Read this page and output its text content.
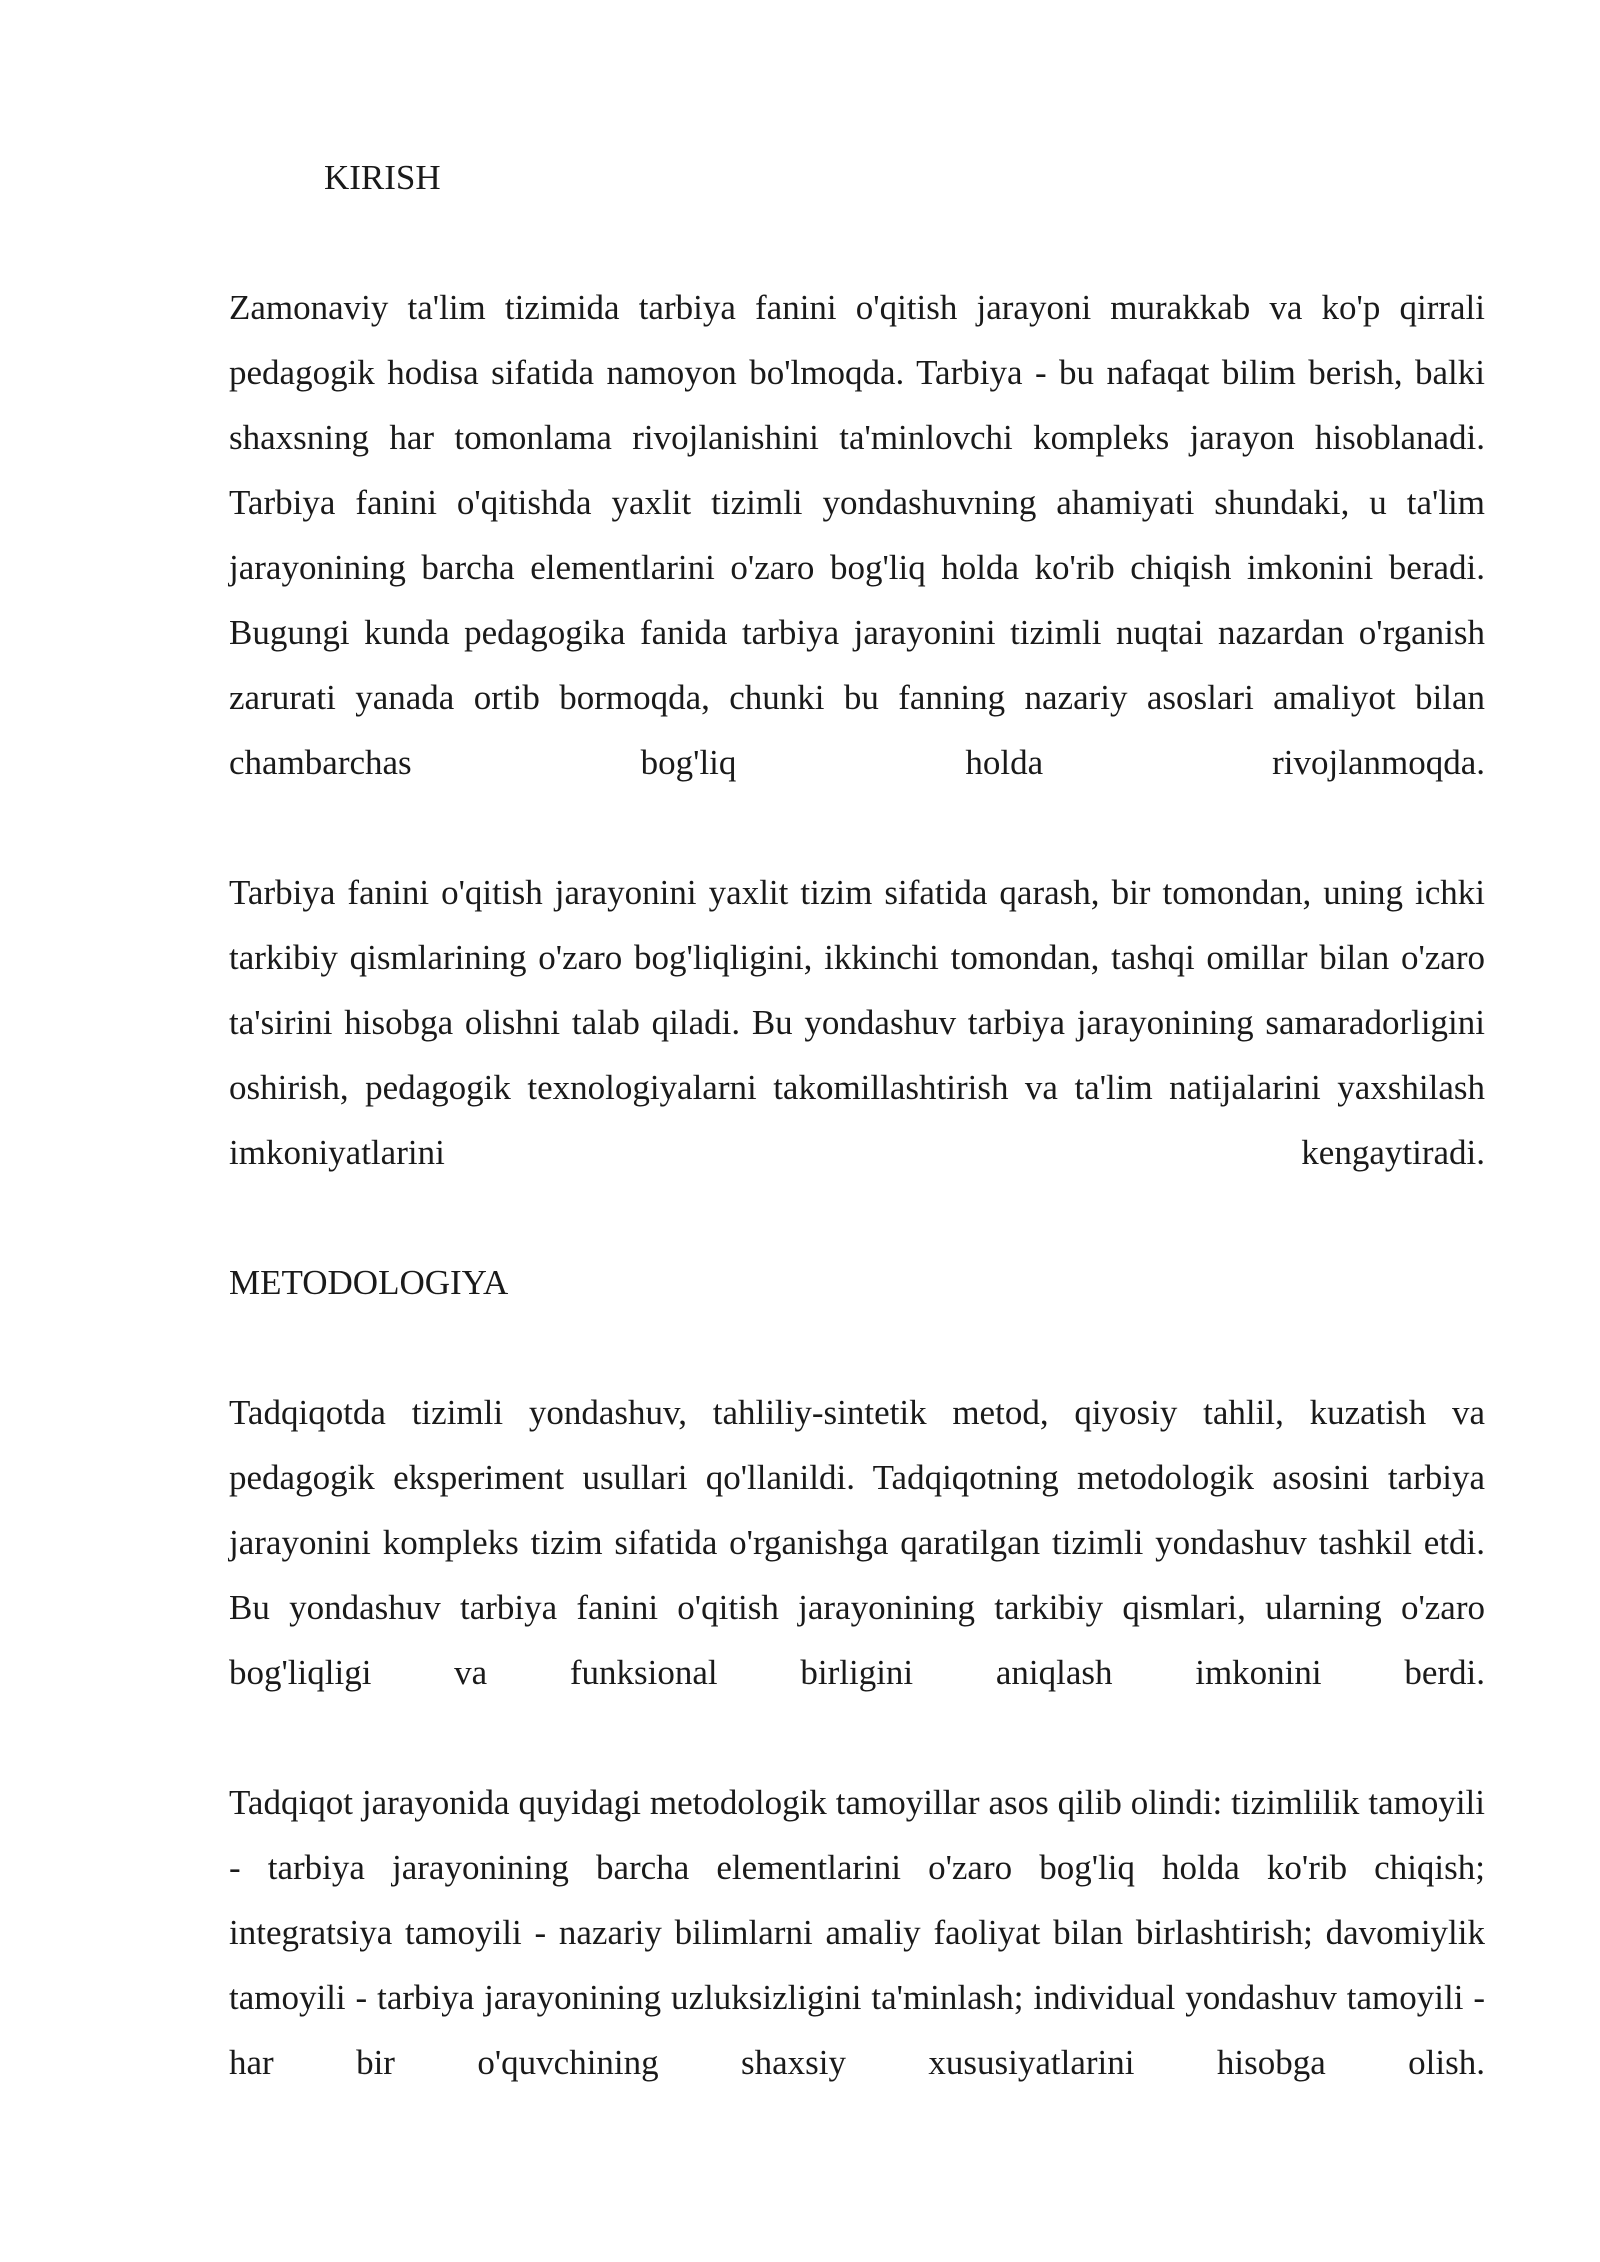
KIRISH

Zamonaviy ta'lim tizimida tarbiya fanini o'qitish jarayoni murakkab va ko'p qirrali pedagogik hodisa sifatida namoyon bo'lmoqda. Tarbiya - bu nafaqat bilim berish, balki shaxsning har tomonlama rivojlanishini ta'minlovchi kompleks jarayon hisoblanadi. Tarbiya fanini o'qitishda yaxlit tizimli yondashuvning ahamiyati shundaki, u ta'lim jarayonining barcha elementlarini o'zaro bog'liq holda ko'rib chiqish imkonini beradi. Bugungi kunda pedagogika fanida tarbiya jarayonini tizimli nuqtai nazardan o'rganish zarurati yanada ortib bormoqda, chunki bu fanning nazariy asoslari amaliyot bilan chambarchas bog'liq holda rivojlanmoqda.

Tarbiya fanini o'qitish jarayonini yaxlit tizim sifatida qarash, bir tomondan, uning ichki tarkibiy qismlarining o'zaro bog'liqligini, ikkinchi tomondan, tashqi omillar bilan o'zaro ta'sirini hisobga olishni talab qiladi. Bu yondashuv tarbiya jarayonining samaradorligini oshirish, pedagogik texnologiyalarni takomillashtirish va ta'lim natijalarini yaxshilash imkoniyatlarini kengaytiradi.

METODOLOGIYA

Tadqiqotda tizimli yondashuv, tahliliy-sintetik metod, qiyosiy tahlil, kuzatish va pedagogik eksperiment usullari qo'llanildi. Tadqiqotning metodologik asosini tarbiya jarayonini kompleks tizim sifatida o'rganishga qaratilgan tizimli yondashuv tashkil etdi. Bu yondashuv tarbiya fanini o'qitish jarayonining tarkibiy qismlari, ularning o'zaro bog'liqligi va funksional birligini aniqlash imkonini berdi.

Tadqiqot jarayonida quyidagi metodologik tamoyillar asos qilib olindi: tizimlilik tamoyili - tarbiya jarayonining barcha elementlarini o'zaro bog'liq holda ko'rib chiqish; integratsiya tamoyili - nazariy bilimlarni amaliy faoliyat bilan birlashtirish; davomiylik tamoyili - tarbiya jarayonining uzluksizligini ta'minlash; individual yondashuv tamoyili - har bir o'quvchining shaxsiy xususiyatlarini hisobga olish.
